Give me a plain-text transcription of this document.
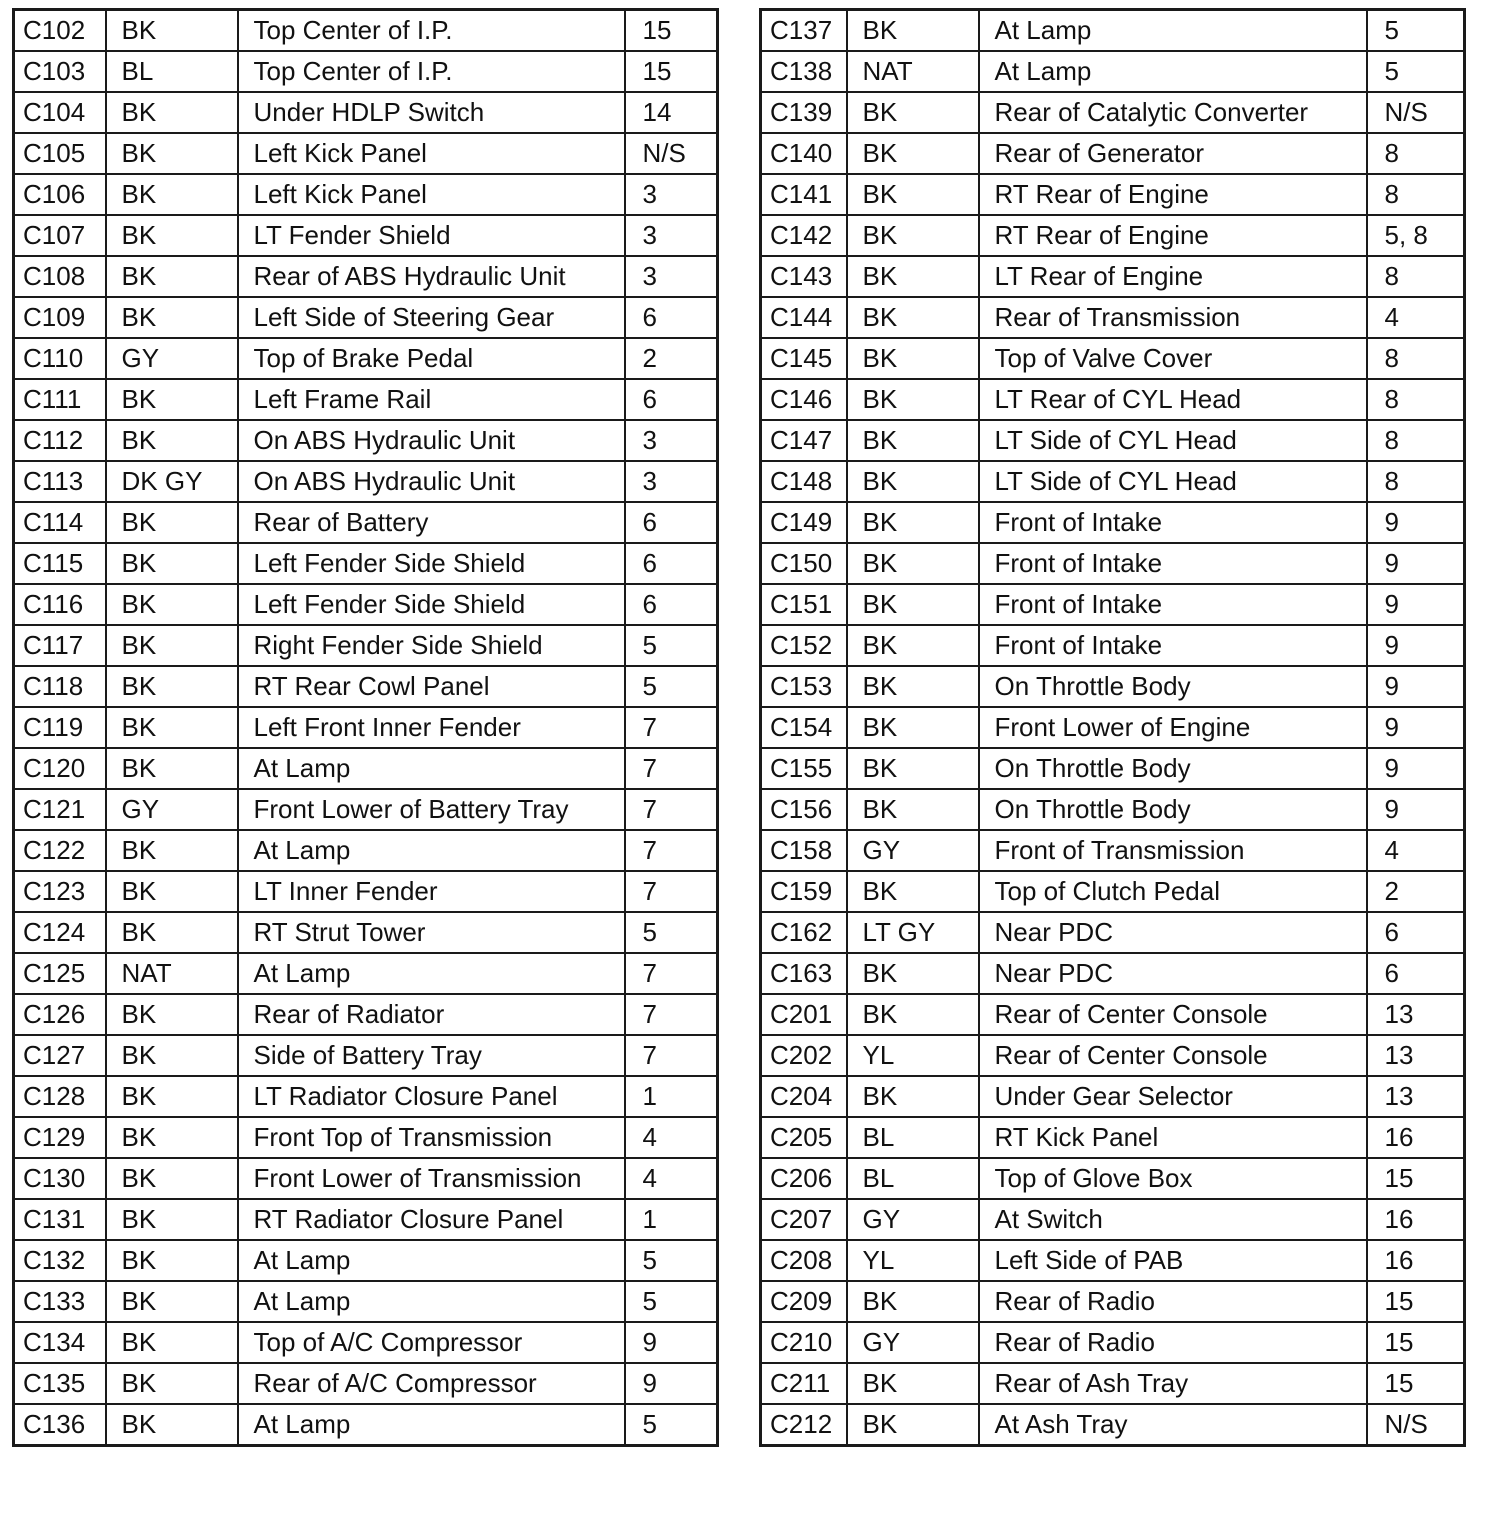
C102	BK	Top Center of I.P.	15
C103	BL	Top Center of I.P.	15
C104	BK	Under HDLP Switch	14
C105	BK	Left Kick Panel	N/S
C106	BK	Left Kick Panel	3
C107	BK	LT Fender Shield	3
C108	BK	Rear of ABS Hydraulic Unit	3
C109	BK	Left Side of Steering Gear	6
C110	GY	Top of Brake Pedal	2
C111	BK	Left Frame Rail	6
C112	BK	On ABS Hydraulic Unit	3
C113	DK GY	On ABS Hydraulic Unit	3
C114	BK	Rear of Battery	6
C115	BK	Left Fender Side Shield	6
C116	BK	Left Fender Side Shield	6
C117	BK	Right Fender Side Shield	5
C118	BK	RT Rear Cowl Panel	5
C119	BK	Left Front Inner Fender	7
C120	BK	At Lamp	7
C121	GY	Front Lower of Battery Tray	7
C122	BK	At Lamp	7
C123	BK	LT Inner Fender	7
C124	BK	RT Strut Tower	5
C125	NAT	At Lamp	7
C126	BK	Rear of Radiator	7
C127	BK	Side of Battery Tray	7
C128	BK	LT Radiator Closure Panel	1
C129	BK	Front Top of Transmission	4
C130	BK	Front Lower of Transmission	4
C131	BK	RT Radiator Closure Panel	1
C132	BK	At Lamp	5
C133	BK	At Lamp	5
C134	BK	Top of A/C Compressor	9
C135	BK	Rear of A/C Compressor	9
C136	BK	At Lamp	5
C137	BK	At Lamp	5
C138	NAT	At Lamp	5
C139	BK	Rear of Catalytic Converter	N/S
C140	BK	Rear of Generator	8
C141	BK	RT Rear of Engine	8
C142	BK	RT Rear of Engine	5, 8
C143	BK	LT Rear of Engine	8
C144	BK	Rear of Transmission	4
C145	BK	Top of Valve Cover	8
C146	BK	LT Rear of CYL Head	8
C147	BK	LT Side of CYL Head	8
C148	BK	LT Side of CYL Head	8
C149	BK	Front of Intake	9
C150	BK	Front of Intake	9
C151	BK	Front of Intake	9
C152	BK	Front of Intake	9
C153	BK	On Throttle Body	9
C154	BK	Front Lower of Engine	9
C155	BK	On Throttle Body	9
C156	BK	On Throttle Body	9
C158	GY	Front of Transmission	4
C159	BK	Top of Clutch Pedal	2
C162	LT GY	Near PDC	6
C163	BK	Near PDC	6
C201	BK	Rear of Center Console	13
C202	YL	Rear of Center Console	13
C204	BK	Under Gear Selector	13
C205	BL	RT Kick Panel	16
C206	BL	Top of Glove Box	15
C207	GY	At Switch	16
C208	YL	Left Side of PAB	16
C209	BK	Rear of Radio	15
C210	GY	Rear of Radio	15
C211	BK	Rear of Ash Tray	15
C212	BK	At Ash Tray	N/S
